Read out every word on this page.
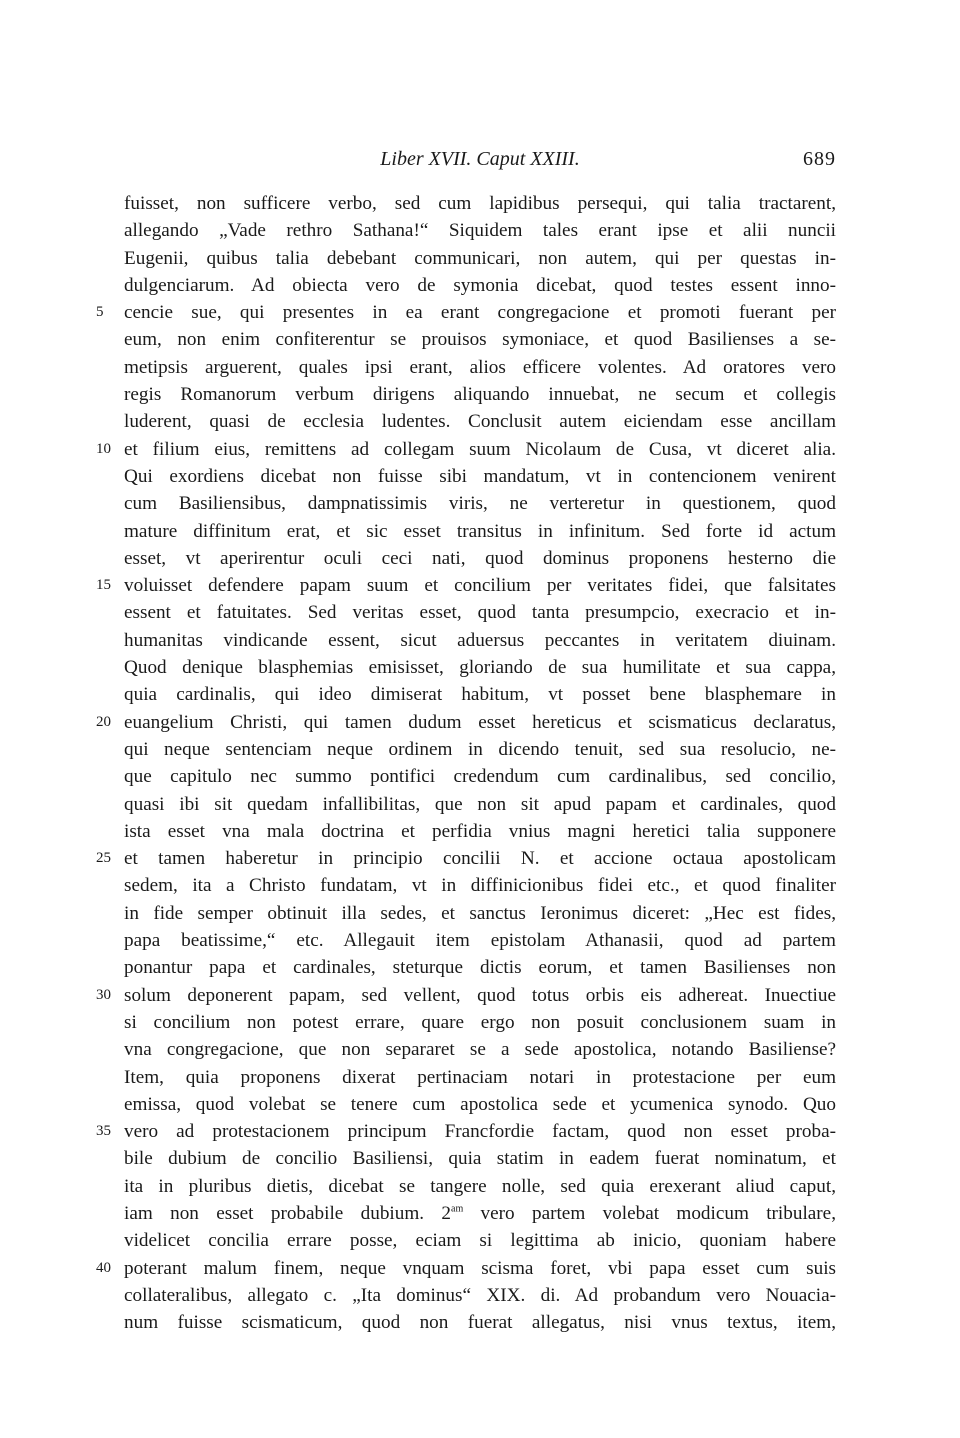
Liber XVII. Caput XXIII.	689
fuisset, non sufficere verbo, sed cum lapidibus persequi, qui talia tractarent,
allegando „Vade rethro Sathana!“ Siquidem tales erant ipse et alii nuncii
Eugenii, quibus talia debebant communicari, non autem, qui per questas in-
dulgenciarum. Ad obiecta vero de symonia dicebat, quod testes essent inno-
5	cencie sue, qui presentes in ea erant congregacione et promoti fuerant per
eum, non enim confiterentur se prouisos symoniace, et quod Basilienses a se-
metipsis arguerent, quales ipsi erant, alios efficere volentes. Ad oratores vero
regis Romanorum verbum dirigens aliquando innuebat, ne secum et collegis
luderent, quasi de ecclesia ludentes. Conclusit autem eiciendam esse ancillam
10 et filium eius, remittens ad collegam suum Nicolaum de Cusa, vt diceret alia.
Qui exordiens dicebat non fuisse sibi mandatum, vt in contencionem venirent
cum Basiliensibus, dampnatissimis viris, ne verteretur in questionem, quod
mature diffinitum erat, et sic esset transitus in infinitum. Sed forte id actum
esset, vt aperirentur oculi ceci nati, quod dominus proponens hesterno die
15 voluisset defendere papam suum et concilium per veritates fidei, que falsitates
essent et fatuitates. Sed veritas esset, quod tanta presumpcio, execracio et in-
humanitas vindicande essent, sicut aduersus peccantes in veritatem diuinam.
Quod denique blasphemias emisisset, gloriando de sua humilitate et sua cappa,
quia cardinalis, qui ideo dimiserat habitum, vt posset bene blasphemare in
20 euangelium Christi, qui tamen dudum esset hereticus et scismaticus declaratus,
qui neque sentenciam neque ordinem in dicendo tenuit, sed sua resolucio, ne-
que capitulo nec summo pontifici credendum cum cardinalibus, sed concilio,
quasi ibi sit quedam infallibilitas, que non sit apud papam et cardinales, quod
ista esset vna mala doctrina et perfidia vnius magni heretici talia supponere
25 et tamen haberetur in principio concilii N. et accione octaua apostolicam
sedem, ita a Christo fundatam, vt in diffinicionibus fidei etc., et quod finaliter
in fide semper obtinuit illa sedes, et sanctus Ieronimus diceret: „Hec est fides,
papa beatissime,“ etc. Allegauit item epistolam Athanasii, quod ad partem
ponantur papa et cardinales, steturque dictis eorum, et tamen Basilienses non
30 solum deponerent papam, sed vellent, quod totus orbis eis adhereat. Inuectiue
si concilium non potest errare, quare ergo non posuit conclusionem suam in
vna congregacione, que non separaret se a sede apostolica, notando Basiliense?
Item, quia proponens dixerat pertinaciam notari in protestacione per eum
emissa, quod volebat se tenere cum apostolica sede et ycumenica synodo. Quo
35 vero ad protestacionem principum Francfordie factam, quod non esset proba-
bile dubium de concilio Basiliensi, quia statim in eadem fuerat nominatum, et
ita in pluribus dietis, dicebat se tangere nolle, sed quia erexerant aliud caput,
iam non esset probabile dubium. $2^{am}$ vero partem volebat modicum tribulare,
videlicet concilia errare posse, eciam si legittima ab inicio, quoniam habere
40 poterant malum finem, neque vnquam scisma foret, vbi papa esset cum suis
collateralibus, allegato c. „Ita dominus“ XIX. di. Ad probandum vero Nouacia-
num fuisse scismaticum, quod non fuerat allegatus, nisi vnus textus, item,
